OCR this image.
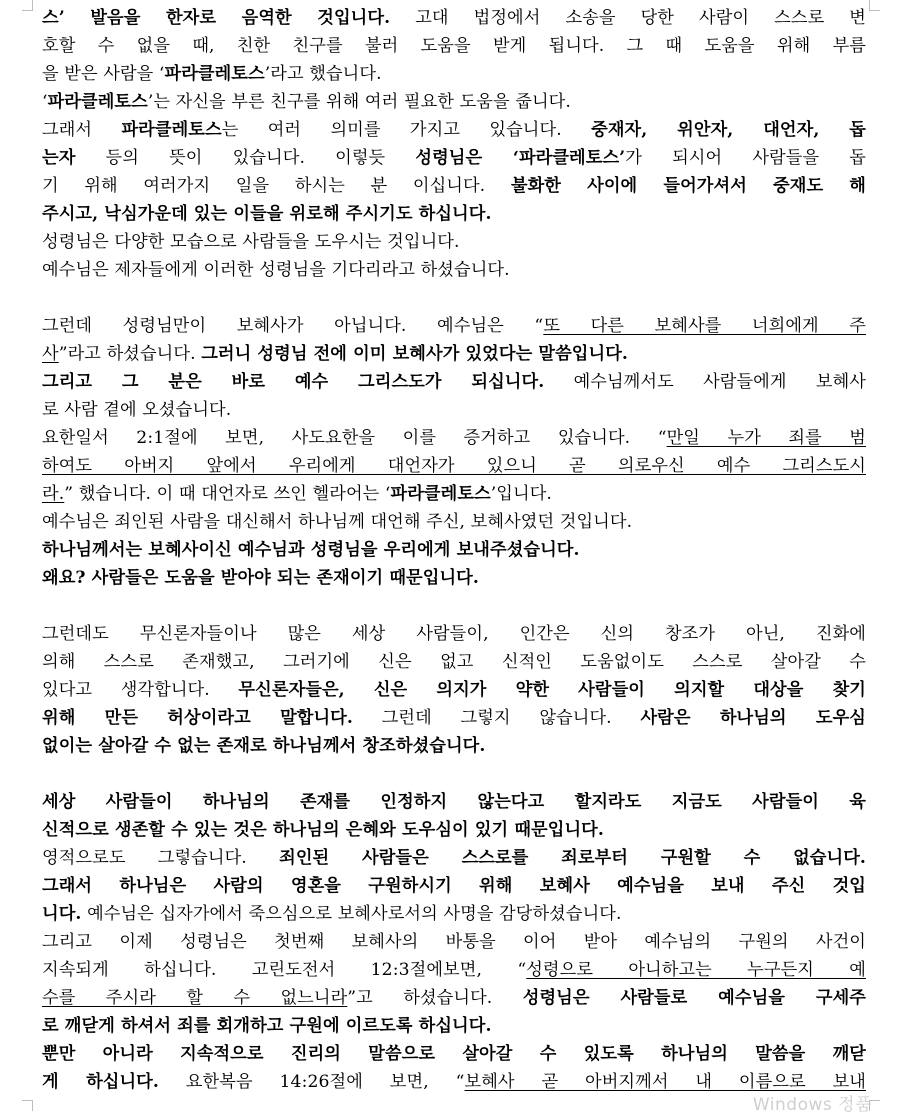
스’ 발음을 한자로 음역한 것입니다. 고대 법정에서 소송을 당한 사람이 스스로 변
호할 수 없을 때, 친한 친구를 불러 도움을 받게 됩니다. 그 때 도움을 위해 부름
을 받은 사람을 ‘파라클레토스’라고 했습니다.
‘파라클레토스’는 자신을 부른 친구를 위해 여러 필요한 도움을 줍니다.
그래서 파라클레토스는 여러 의미를 가지고 있습니다. 중재자, 위안자, 대언자, 돕
는자 등의 뜻이 있습니다. 이렇듯 성령님은 ‘파라클레토스’가 되시어 사람들을 돕
기 위해 여러가지 일을 하시는 분 이십니다. 불화한 사이에 들어가셔서 중재도 해
주시고, 낙심가운데 있는 이들을 위로해 주시기도 하십니다.
성령님은 다양한 모습으로 사람들을 도우시는 것입니다.
예수님은 제자들에게 이러한 성령님을 기다리라고 하셨습니다.
그런데 성령님만이 보혜사가 아닙니다. 예수님은 “또 다른 보혜사를 너희에게 주
사”라고 하셨습니다. 그러니 성령님 전에 이미 보혜사가 있었다는 말씀입니다.
그리고 그 분은 바로 예수 그리스도가 되십니다. 예수님께서도 사람들에게 보혜사
로 사람 곁에 오셨습니다.
요한일서 2:1절에 보면, 사도요한을 이를 증거하고 있습니다. “만일 누가 죄를 범
하여도 아버지 앞에서 우리에게 대언자가 있으니 곧 의로우신 예수 그리스도시
라.” 했습니다. 이 때 대언자로 쓰인 헬라어는 ‘파라클레토스’입니다.
예수님은 죄인된 사람을 대신해서 하나님께 대언해 주신, 보혜사였던 것입니다.
하나님께서는 보혜사이신 예수님과 성령님을 우리에게 보내주셨습니다.
왜요? 사람들은 도움을 받아야 되는 존재이기 때문입니다.
그런데도 무신론자들이나 많은 세상 사람들이, 인간은 신의 창조가 아닌, 진화에
의해 스스로 존재했고, 그러기에 신은 없고 신적인 도움없이도 스스로 살아갈 수
있다고 생각합니다. 무신론자들은, 신은 의지가 약한 사람들이 의지할 대상을 찾기
위해 만든 허상이라고 말합니다. 그런데 그렇지 않습니다. 사람은 하나님의 도우심
없이는 살아갈 수 없는 존재로 하나님께서 창조하셨습니다.
세상 사람들이 하나님의 존재를 인정하지 않는다고 할지라도 지금도 사람들이 육
신적으로 생존할 수 있는 것은 하나님의 은혜와 도우심이 있기 때문입니다.
영적으로도 그렇습니다. 죄인된 사람들은 스스로를 죄로부터 구원할 수 없습니다.
그래서 하나님은 사람의 영혼을 구원하시기 위해 보혜사 예수님을 보내 주신 것입
니다. 예수님은 십자가에서 죽으심으로 보혜사로서의 사명을 감당하셨습니다.
그리고 이제 성령님은 첫번째 보혜사의 바통을 이어 받아 예수님의 구원의 사건이
지속되게 하십니다. 고린도전서 12:3절에보면, “성령으로 아니하고는 누구든지 예
수를 주시라 할 수 없느니라”고 하셨습니다. 성령님은 사람들로 예수님을 구세주
로 깨닫게 하셔서 죄를 회개하고 구원에 이르도록 하십니다.
뿐만 아니라 지속적으로 진리의 말씀으로 살아갈 수 있도록 하나님의 말씀을 깨닫
게 하십니다. 요한복음 14:26절에 보면, “보혜사 곧 아버지께서 내 이름으로 보내
Windows 정품
